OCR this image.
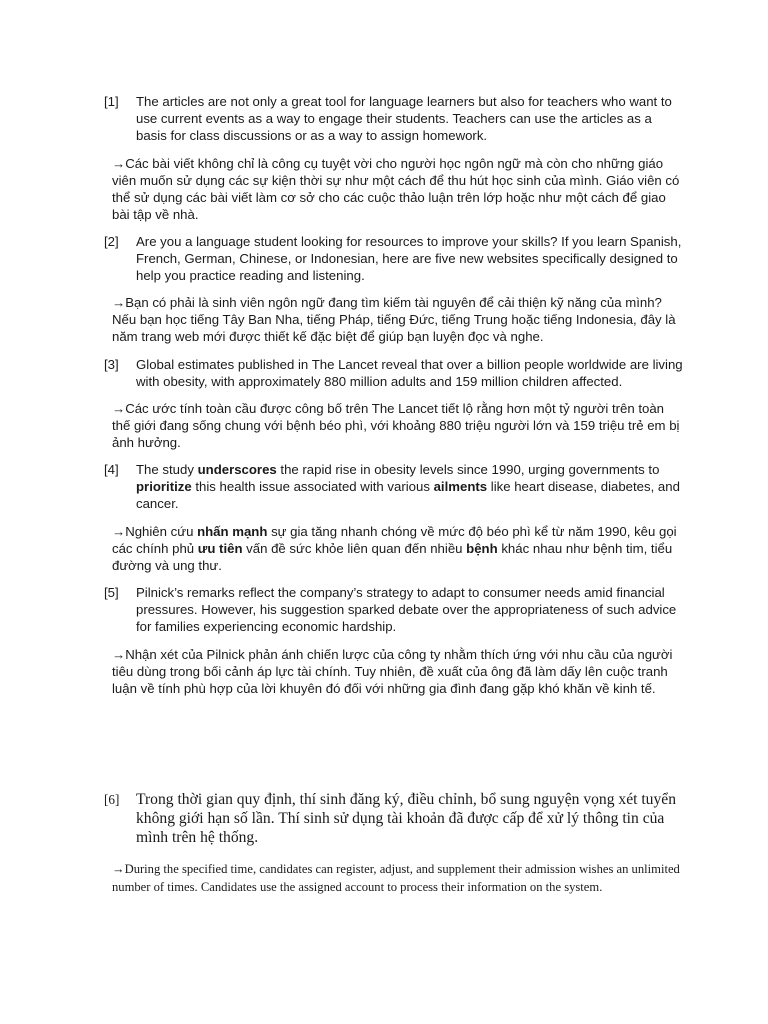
[1] The articles are not only a great tool for language learners but also for teachers who want to use current events as a way to engage their students. Teachers can use the articles as a basis for class discussions or as a way to assign homework.
→Các bài viết không chỉ là công cụ tuyệt vời cho người học ngôn ngữ mà còn cho những giáo viên muốn sử dụng các sự kiện thời sự như một cách để thu hút học sinh của mình. Giáo viên có thể sử dụng các bài viết làm cơ sở cho các cuộc thảo luận trên lớp hoặc như một cách để giao bài tập về nhà.
[2] Are you a language student looking for resources to improve your skills? If you learn Spanish, French, German, Chinese, or Indonesian, here are five new websites specifically designed to help you practice reading and listening.
→Bạn có phải là sinh viên ngôn ngữ đang tìm kiếm tài nguyên để cải thiện kỹ năng của mình? Nếu bạn học tiếng Tây Ban Nha, tiếng Pháp, tiếng Đức, tiếng Trung hoặc tiếng Indonesia, đây là năm trang web mới được thiết kế đặc biệt để giúp bạn luyện đọc và nghe.
[3] Global estimates published in The Lancet reveal that over a billion people worldwide are living with obesity, with approximately 880 million adults and 159 million children affected.
→Các ước tính toàn cầu được công bố trên The Lancet tiết lộ rằng hơn một tỷ người trên toàn thế giới đang sống chung với bệnh béo phì, với khoảng 880 triệu người lớn và 159 triệu trẻ em bị ảnh hưởng.
[4] The study underscores the rapid rise in obesity levels since 1990, urging governments to prioritize this health issue associated with various ailments like heart disease, diabetes, and cancer.
→Nghiên cứu nhấn mạnh sự gia tăng nhanh chóng về mức độ béo phì kể từ năm 1990, kêu gọi các chính phủ ưu tiên vấn đề sức khỏe liên quan đến nhiều bệnh khác nhau như bệnh tim, tiểu đường và ung thư.
[5] Pilnick’s remarks reflect the company’s strategy to adapt to consumer needs amid financial pressures. However, his suggestion sparked debate over the appropriateness of such advice for families experiencing economic hardship.
→Nhận xét của Pilnick phản ánh chiến lược của công ty nhằm thích ứng với nhu cầu của người tiêu dùng trong bối cảnh áp lực tài chính. Tuy nhiên, đề xuất của ông đã làm dấy lên cuộc tranh luận về tính phù hợp của lời khuyên đó đối với những gia đình đang gặp khó khăn về kinh tế.
[6] Trong thời gian quy định, thí sinh đăng ký, điều chỉnh, bổ sung nguyện vọng xét tuyển không giới hạn số lần. Thí sinh sử dụng tài khoản đã được cấp để xử lý thông tin của mình trên hệ thống.
→During the specified time, candidates can register, adjust, and supplement their admission wishes an unlimited number of times. Candidates use the assigned account to process their information on the system.
